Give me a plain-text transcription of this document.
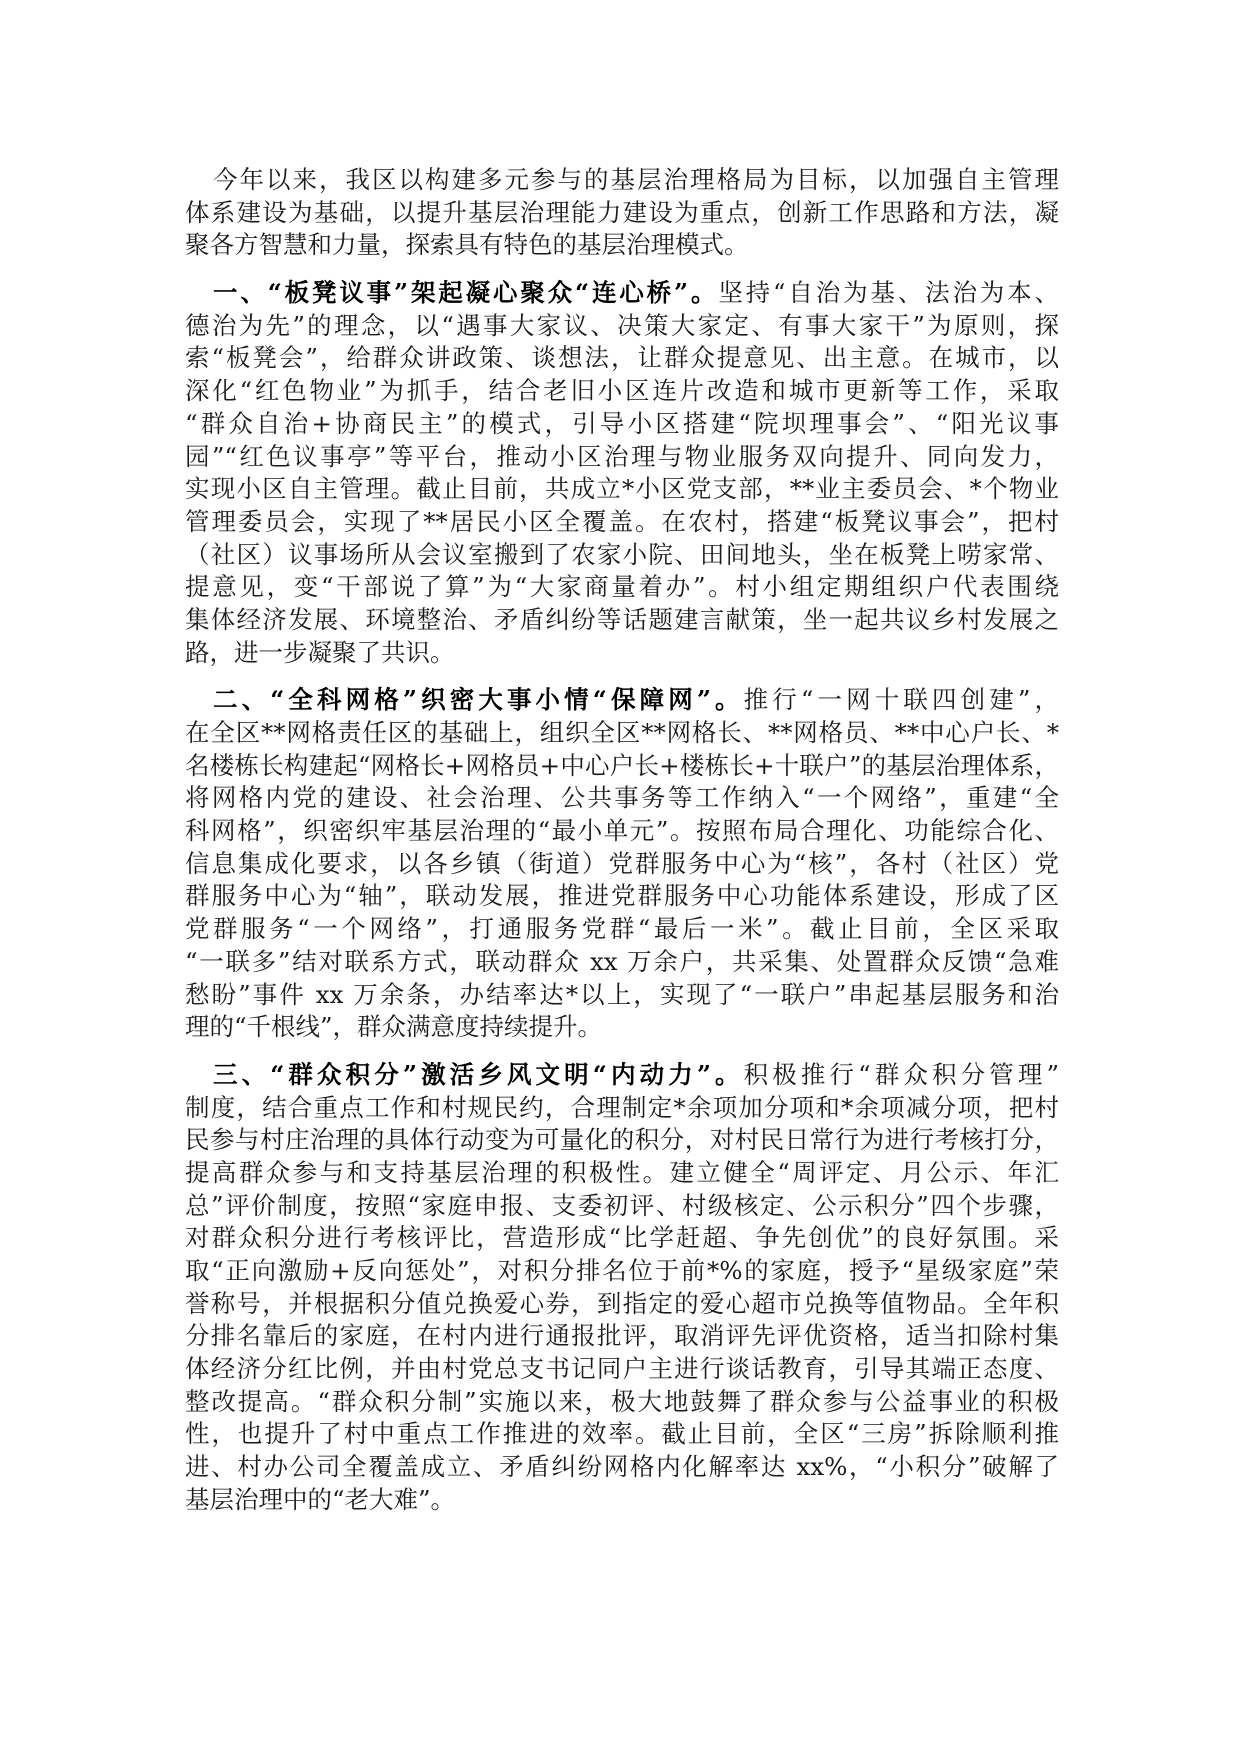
今年以来，我区以构建多元参与的基层治理格局为目标，以加强自主管理
体系建设为基础，以提升基层治理能力建设为重点，创新工作思路和方法，凝
聚各方智慧和力量，探索具有特色的基层治理模式。
一、“板凳议事”架起凝心聚众“连心桥”。坚持“自治为基、法治为本、
德治为先”的理念，以“遇事大家议、决策大家定、有事大家干”为原则，探
索“板凳会”，给群众讲政策、谈想法，让群众提意见、出主意。在城市，以
深化“红色物业”为抓手，结合老旧小区连片改造和城市更新等工作，采取
“群众自治+协商民主”的模式，引导小区搭建“院坝理事会”、“阳光议事
园”“红色议事亭”等平台，推动小区治理与物业服务双向提升、同向发力，
实现小区自主管理。截止目前，共成立*小区党支部，**业主委员会、*个物业
管理委员会，实现了**居民小区全覆盖。在农村，搭建“板凳议事会”，把村
（社区）议事场所从会议室搬到了农家小院、田间地头，坐在板凳上唠家常、
提意见，变“干部说了算”为“大家商量着办”。村小组定期组织户代表围绕
集体经济发展、环境整治、矛盾纠纷等话题建言献策，坐一起共议乡村发展之
路，进一步凝聚了共识。
二、“全科网格”织密大事小情“保障网”。推行“一网十联四创建”，
在全区**网格责任区的基础上，组织全区**网格长、**网格员、**中心户长、*
名楼栋长构建起“网格长+网格员+中心户长+楼栋长+十联户”的基层治理体系，
将网格内党的建设、社会治理、公共事务等工作纳入“一个网络”，重建“全
科网格”，织密织牢基层治理的“最小单元”。按照布局合理化、功能综合化、
信息集成化要求，以各乡镇（街道）党群服务中心为“核”，各村（社区）党
群服务中心为“轴”，联动发展，推进党群服务中心功能体系建设，形成了区
党群服务“一个网络”，打通服务党群“最后一米”。截止目前，全区采取
“一联多”结对联系方式，联动群众 xx 万余户，共采集、处置群众反馈“急难
愁盼”事件 xx 万余条，办结率达*以上，实现了“一联户”串起基层服务和治
理的“千根线”，群众满意度持续提升。
三、“群众积分”激活乡风文明“内动力”。积极推行“群众积分管理”
制度，结合重点工作和村规民约，合理制定*余项加分项和*余项减分项，把村
民参与村庄治理的具体行动变为可量化的积分，对村民日常行为进行考核打分，
提高群众参与和支持基层治理的积极性。建立健全“周评定、月公示、年汇
总”评价制度，按照“家庭申报、支委初评、村级核定、公示积分”四个步骤，
对群众积分进行考核评比，营造形成“比学赶超、争先创优”的良好氛围。采
取“正向激励+反向惩处”，对积分排名位于前*%的家庭，授予“星级家庭”荣
誉称号，并根据积分值兑换爱心券，到指定的爱心超市兑换等值物品。全年积
分排名靠后的家庭，在村内进行通报批评，取消评先评优资格，适当扣除村集
体经济分红比例，并由村党总支书记同户主进行谈话教育，引导其端正态度、
整改提高。“群众积分制”实施以来，极大地鼓舞了群众参与公益事业的积极
性，也提升了村中重点工作推进的效率。截止目前，全区“三房”拆除顺利推
进、村办公司全覆盖成立、矛盾纠纷网格内化解率达 xx%，“小积分”破解了
基层治理中的“老大难”。
